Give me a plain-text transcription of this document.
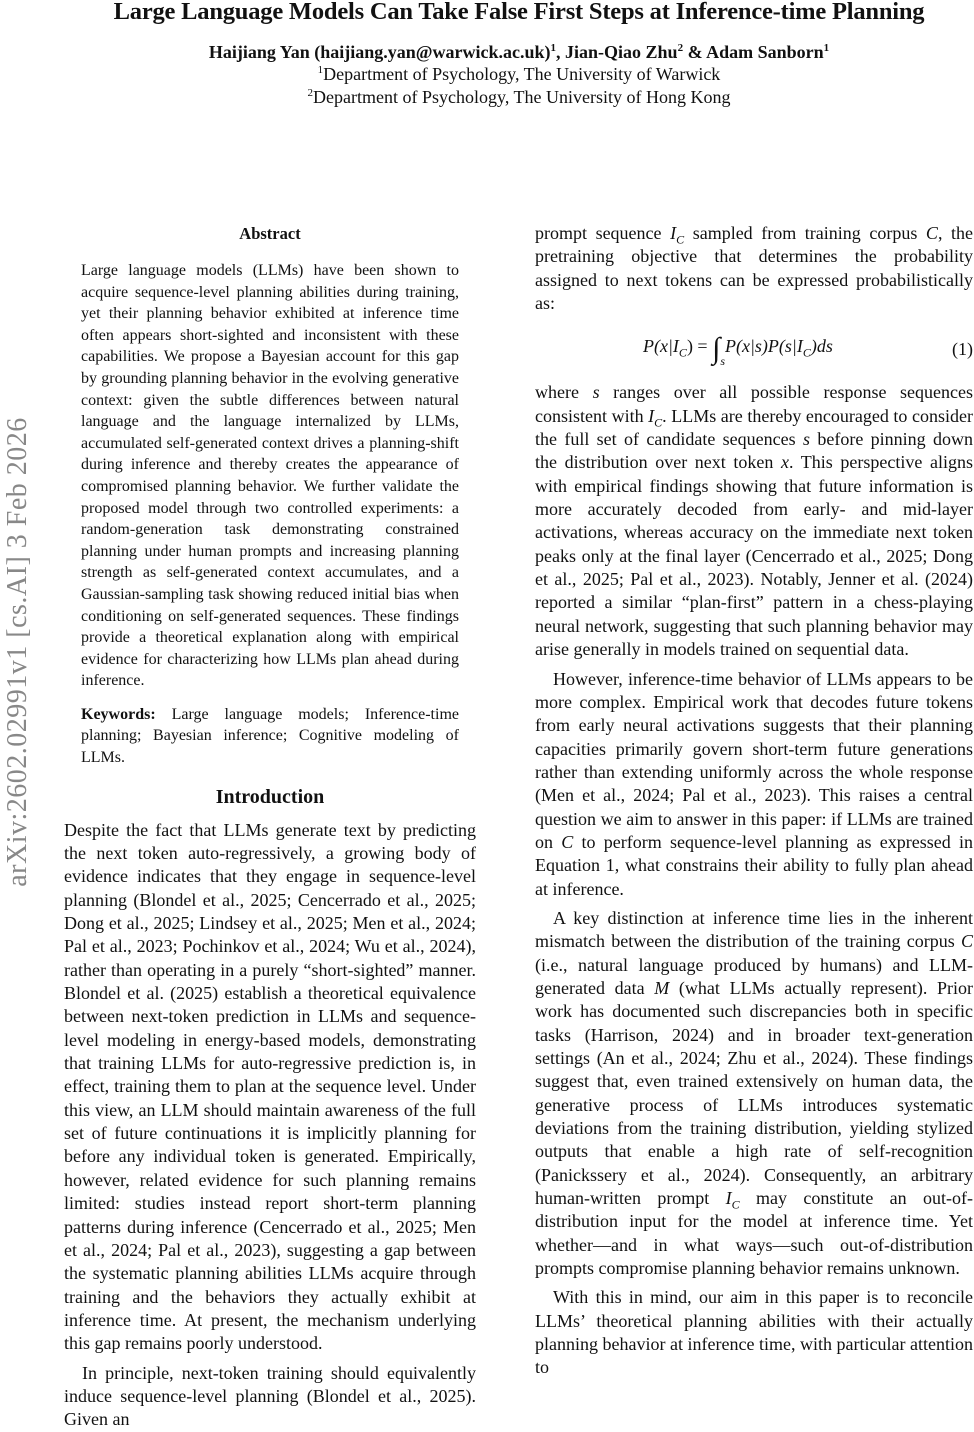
Large Language Models Can Take False First Steps at Inference-time Planning
Haijiang Yan (haijiang.yan@warwick.ac.uk)$^1$, Jian-Qiao Zhu$^2$ & Adam Sanborn$^1$
$^1$Department of Psychology, The University of Warwick
$^2$Department of Psychology, The University of Hong Kong
arXiv:2602.02991v1 [cs.AI] 3 Feb 2026
Abstract
Large language models (LLMs) have been shown to acquire sequence-level planning abilities during training, yet their planning behavior exhibited at inference time often appears short-sighted and inconsistent with these capabilities. We propose a Bayesian account for this gap by grounding planning behavior in the evolving generative context: given the subtle differences between natural language and the language internalized by LLMs, accumulated self-generated context drives a planning-shift during inference and thereby creates the appearance of compromised planning behavior. We further validate the proposed model through two controlled experiments: a random-generation task demonstrating constrained planning under human prompts and increasing planning strength as self-generated context accumulates, and a Gaussian-sampling task showing reduced initial bias when conditioning on self-generated sequences. These findings provide a theoretical explanation along with empirical evidence for characterizing how LLMs plan ahead during inference.
Keywords: Large language models; Inference-time planning; Bayesian inference; Cognitive modeling of LLMs.
Introduction

Despite the fact that LLMs generate text by predicting the next token auto-regressively, a growing body of evidence indicates that they engage in sequence-level planning (Blondel et al., 2025; Cencerrado et al., 2025; Dong et al., 2025; Lindsey et al., 2025; Men et al., 2024; Pal et al., 2023; Pochinkov et al., 2024; Wu et al., 2024), rather than operating in a purely “short-sighted” manner. Blondel et al. (2025) establish a theoretical equivalence between next-token prediction in LLMs and sequence-level modeling in energy-based models, demonstrating that training LLMs for auto-regressive prediction is, in effect, training them to plan at the sequence level. Under this view, an LLM should maintain awareness of the full set of future continuations it is implicitly planning for before any individual token is generated. Empirically, however, related evidence for such planning remains limited: studies instead report short-term planning patterns during inference (Cencerrado et al., 2025; Men et al., 2024; Pal et al., 2023), suggesting a gap between the systematic planning abilities LLMs acquire through training and the behaviors they actually exhibit at inference time. At present, the mechanism underlying this gap remains poorly understood.

In principle, next-token training should equivalently induce sequence-level planning (Blondel et al., 2025). Given an

prompt sequence $I_C$ sampled from training corpus C, the pretraining objective that determines the probability assigned to next tokens can be expressed probabilistically as:

$P(x|I_C) = \int_sP(x|s)P(s|I_C)ds$	(1)

where s ranges over all possible response sequences consistent with $I_C$. LLMs are thereby encouraged to consider the full set of candidate sequences s before pinning down the distribution over next token x. This perspective aligns with empirical findings showing that future information is more accurately decoded from early- and mid-layer activations, whereas accuracy on the immediate next token peaks only at the final layer (Cencerrado et al., 2025; Dong et al., 2025; Pal et al., 2023). Notably, Jenner et al. (2024) reported a similar “plan-first” pattern in a chess-playing neural network, suggesting that such planning behavior may arise generally in models trained on sequential data.

However, inference-time behavior of LLMs appears to be more complex. Empirical work that decodes future tokens from early neural activations suggests that their planning capacities primarily govern short-term future generations rather than extending uniformly across the whole response (Men et al., 2024; Pal et al., 2023). This raises a central question we aim to answer in this paper: if LLMs are trained on C to perform sequence-level planning as expressed in Equation 1, what constrains their ability to fully plan ahead at inference.

A key distinction at inference time lies in the inherent mismatch between the distribution of the training corpus C (i.e., natural language produced by humans) and LLM-generated data M (what LLMs actually represent). Prior work has documented such discrepancies both in specific tasks (Harrison, 2024) and in broader text-generation settings (An et al., 2024; Zhu et al., 2024). These findings suggest that, even trained extensively on human data, the generative process of LLMs introduces systematic deviations from the training distribution, yielding stylized outputs that enable a high rate of self-recognition (Panickssery et al., 2024). Consequently, an arbitrary human-written prompt $I_C$ may constitute an out-of-distribution input for the model at inference time. Yet whether—and in what ways—such out-of-distribution prompts compromise planning behavior remains unknown.

With this in mind, our aim in this paper is to reconcile LLMs’ theoretical planning abilities with their actually planning behavior at inference time, with particular attention to
